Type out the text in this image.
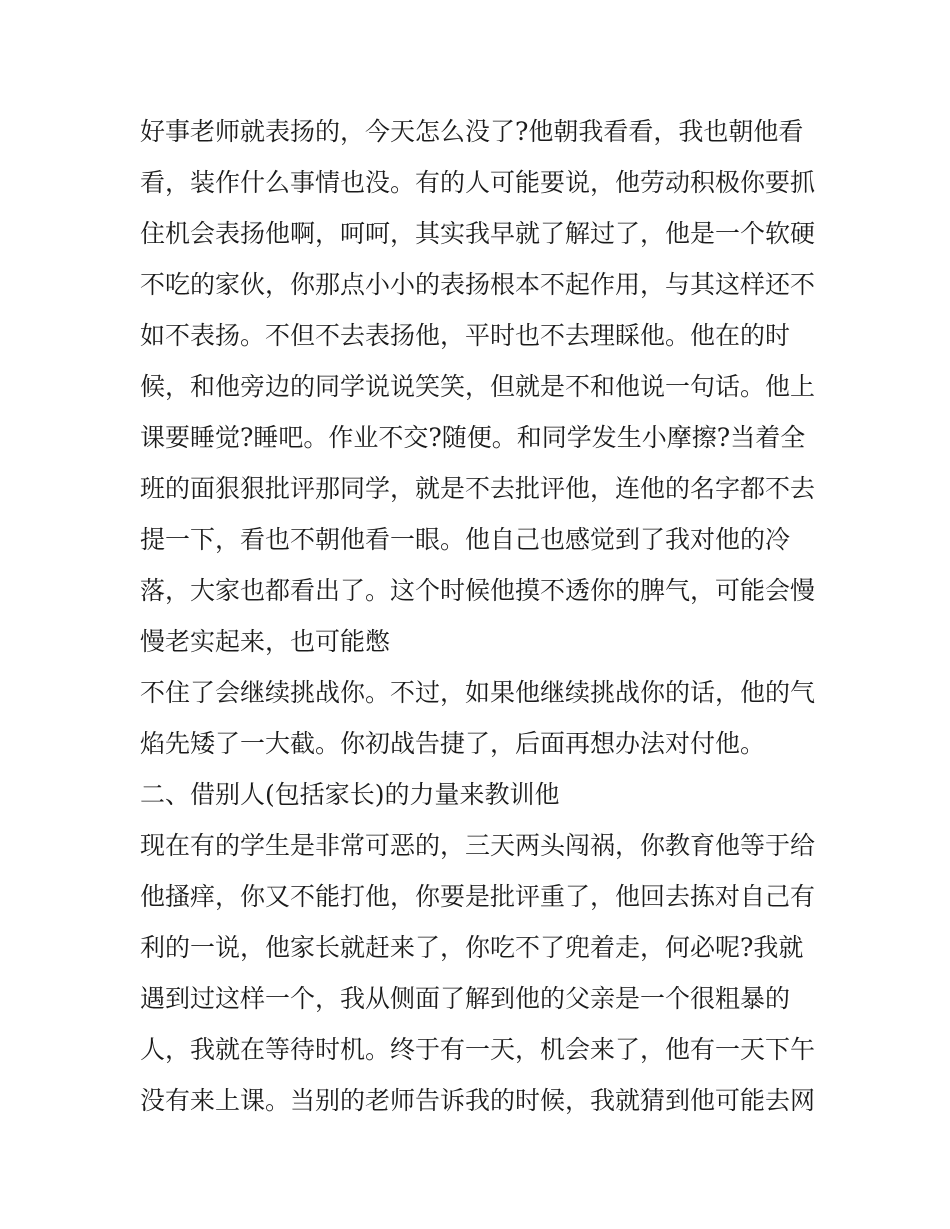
好事老师就表扬的，今天怎么没了?他朝我看看，我也朝他看
看，装作什么事情也没。有的人可能要说，他劳动积极你要抓
住机会表扬他啊，呵呵，其实我早就了解过了，他是一个软硬
不吃的家伙，你那点小小的表扬根本不起作用，与其这样还不
如不表扬。不但不去表扬他，平时也不去理睬他。他在的时
候，和他旁边的同学说说笑笑，但就是不和他说一句话。他上
课要睡觉?睡吧。作业不交?随便。和同学发生小摩擦?当着全
班的面狠狠批评那同学，就是不去批评他，连他的名字都不去
提一下，看也不朝他看一眼。他自己也感觉到了我对他的冷
落，大家也都看出了。这个时候他摸不透你的脾气，可能会慢
慢老实起来，也可能憋
不住了会继续挑战你。不过，如果他继续挑战你的话，他的气
焰先矮了一大截。你初战告捷了，后面再想办法对付他。
二、借别人(包括家长)的力量来教训他
现在有的学生是非常可恶的，三天两头闯祸，你教育他等于给
他搔痒，你又不能打他，你要是批评重了，他回去拣对自己有
利的一说，他家长就赶来了，你吃不了兜着走，何必呢?我就
遇到过这样一个，我从侧面了解到他的父亲是一个很粗暴的
人，我就在等待时机。终于有一天，机会来了，他有一天下午
没有来上课。当别的老师告诉我的时候，我就猜到他可能去网
